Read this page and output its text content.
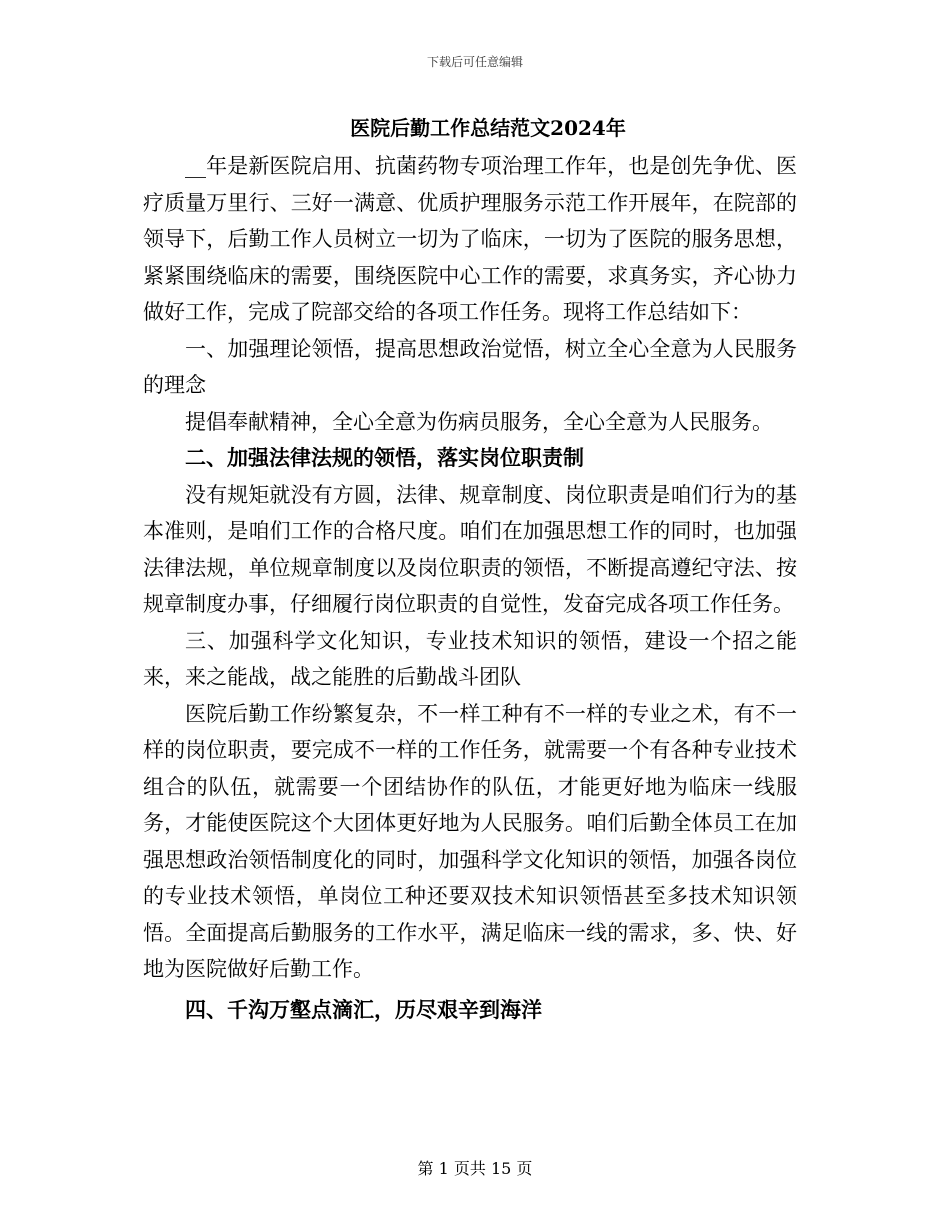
下载后可任意编辑
医院后勤工作总结范文2024年

__年是新医院启用、抗菌药物专项治理工作年，也是创先争优、医疗质量万里行、三好一满意、优质护理服务示范工作开展年，在院部的领导下，后勤工作人员树立一切为了临床，一切为了医院的服务思想，紧紧围绕临床的需要，围绕医院中心工作的需要，求真务实，齐心协力做好工作，完成了院部交给的各项工作任务。现将工作总结如下：

一、加强理论领悟，提高思想政治觉悟，树立全心全意为人民服务的理念

提倡奉献精神，全心全意为伤病员服务，全心全意为人民服务。

二、加强法律法规的领悟，落实岗位职责制

没有规矩就没有方圆，法律、规章制度、岗位职责是咱们行为的基本准则，是咱们工作的合格尺度。咱们在加强思想工作的同时，也加强法律法规，单位规章制度以及岗位职责的领悟，不断提高遵纪守法、按规章制度办事，仔细履行岗位职责的自觉性，发奋完成各项工作任务。

三、加强科学文化知识，专业技术知识的领悟，建设一个招之能来，来之能战，战之能胜的后勤战斗团队

医院后勤工作纷繁复杂，不一样工种有不一样的专业之术，有不一样的岗位职责，要完成不一样的工作任务，就需要一个有各种专业技术组合的队伍，就需要一个团结协作的队伍，才能更好地为临床一线服务，才能使医院这个大团体更好地为人民服务。咱们后勤全体员工在加强思想政治领悟制度化的同时，加强科学文化知识的领悟，加强各岗位的专业技术领悟，单岗位工种还要双技术知识领悟甚至多技术知识领悟。全面提高后勤服务的工作水平，满足临床一线的需求，多、快、好地为医院做好后勤工作。

四、千沟万壑点滴汇，历尽艰辛到海洋

第 1 页共 15 页
